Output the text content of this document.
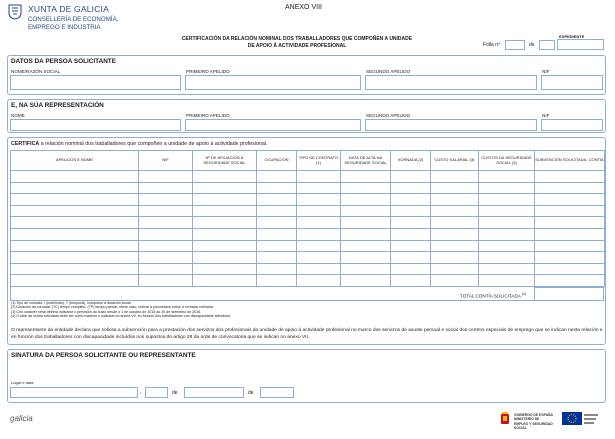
XUNTA DE GALICIA
CONSELLERÍA DE ECONOMÍA,
EMPREGO E INDUSTRIA
ANEXO VIII
CERTIFICACIÓN DA RELACIÓN NOMINAL DOS TRABALLADORES QUE COMPOÑEN A UNIDADE
DE APOIO Á ACTIVIDADE PROFESIONAL
EXPEDIENTE
Folla nº	de
DATOS DA PERSOA SOLICITANTE
NOME/RAZÓN SOCIAL	PRIMEIRO APELIDO	SEGUNDO APELIDO	NIF
E, NA SÚA REPRESENTACIÓN
NOME	PRIMEIRO APELIDO	SEGUNDO APELIDO	NIF
CERTIFICA a relación nominal dos traballadores que compoñen a unidade de apoio á actividade profesional.
APELIDOS E NOME	NIF	Nº DE AFILIACIÓN Á SEGURIDADE SOCIAL	OCUPACIÓN	TIPO DE CONTRATO (1)	DATA DE ALTA NA SEGURIDADE SOCIAL	XORNADA (2)	CUSTO SALARIAL (3)	CUSTOS DA SEGURIDADE SOCIAL (3)	SUBVENCIÓN SOLICITADA, CONTÍA

TOTAL CONTÍA SOLICITADA $^{(4)}$
(1) Tipo de contrato: I (indefinido), T (temporal), indíquese a duración anual.
(2) Duración da xornada: (TC) tempo completo, (TP) tempo parcial, neste caso, indicar a porcentaxe sobre a xornada ordinaria.
(3) Con carácter xeral deberá indicarse o previsión do custo desde o 1 de outubro de 2015 ao 30 de setembro de 2016.
(4) O total da contía solicitada debe ser como máximo o indicado no anexo VII, en función dos traballadores con discapacidade atendidos
O representante da entidade declara que solicita a subvención para a prestación dos servizos dos profesionais da unidade de apoio á actividade profesional no marco dos servizos de axuste persoal e social dos centros especiais de emprego que se indican nesta relación e en función dos traballadores con discapacidade incluídos nos supostos do artigo 28 da orde de convocatoria que se indican no anexo VII.
SINATURA DA PERSOA SOLICITANTE OU REPRESENTANTE
Lugar e data
,	de	de
galicia	GOBIERNO DE ESPAÑA
MINISTERIO DE EMPLEO Y SEGURIDAD SOCIAL
